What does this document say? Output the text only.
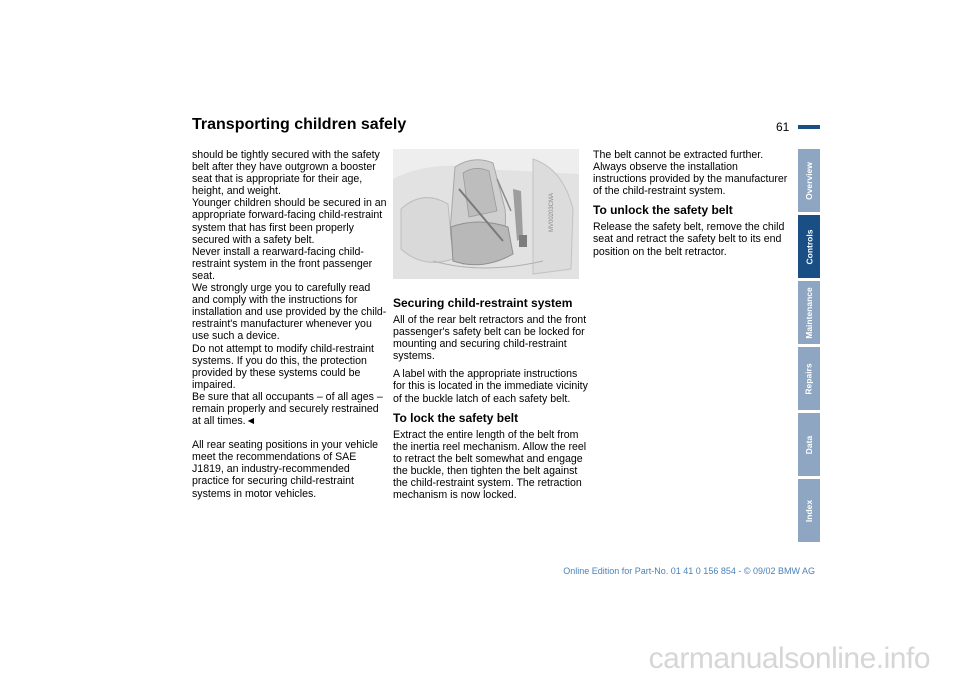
Transporting children safely	61

should be tightly secured with the safety belt after they have outgrown a booster seat that is appropriate for their age, height, and weight.

Younger children should be secured in an appropriate forward-facing child-restraint system that has first been properly secured with a safety belt.

Never install a rearward-facing child-restraint system in the front passenger seat.

We strongly urge you to carefully read and comply with the instructions for installation and use provided by the child-restraint's manufacturer whenever you use such a device.

Do not attempt to modify child-restraint systems. If you do this, the protection provided by these systems could be impaired.

Be sure that all occupants – of all ages – remain properly and securely restrained at all times.◄

All rear seating positions in your vehicle meet the recommendations of SAE J1819, an industry-recommended practice for securing child-restraint systems in motor vehicles.

MV00203CMA
Securing child-restraint system

All of the rear belt retractors and the front passenger's safety belt can be locked for mounting and securing child-restraint systems.

A label with the appropriate instructions for this is located in the immediate vicinity of the buckle latch of each safety belt.

To lock the safety belt

Extract the entire length of the belt from the inertia reel mechanism. Allow the reel to retract the belt somewhat and engage the buckle, then tighten the belt against the child-restraint system. The retraction mechanism is now locked.

The belt cannot be extracted further. Always observe the installation instructions provided by the manufacturer of the child-restraint system.

To unlock the safety belt

Release the safety belt, remove the child seat and retract the safety belt to its end position on the belt retractor.

Overview
Controls
Maintenance
Repairs
Data
Index
Online Edition for Part-No. 01 41 0 156 854 - © 09/02 BMW AG
carmanualsonline.info
